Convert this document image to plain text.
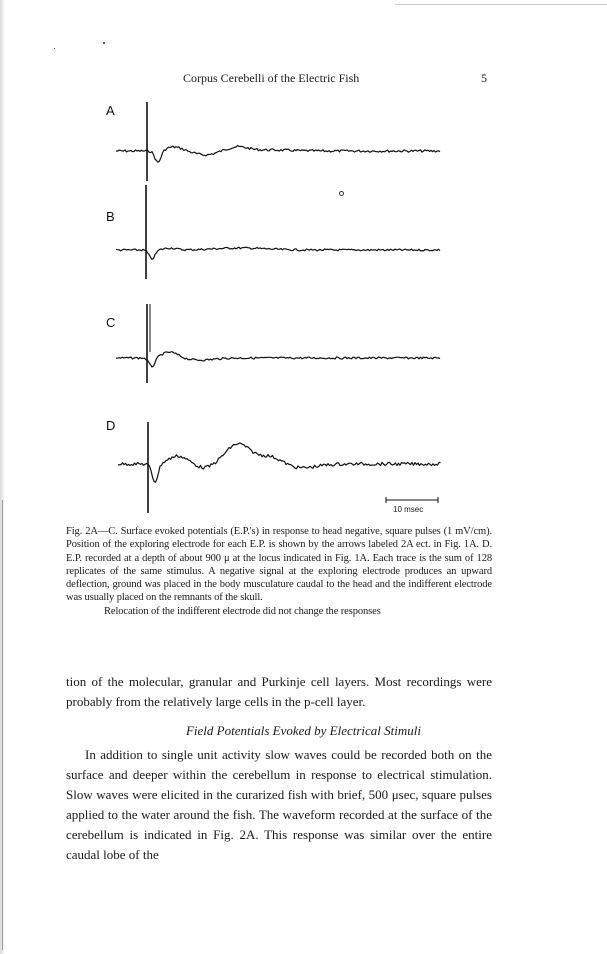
Corpus Cerebelli of the Electric Fish	5
A
B
C
D
10 msec
Fig. 2A—C. Surface evoked potentials (E.P.'s) in response to head negative, square pulses (1 mV/cm). Position of the exploring electrode for each E.P. is shown by the arrows labeled 2A ect. in Fig. 1A. D. E.P. recorded at a depth of about 900 μ at the locus indicated in Fig. 1A. Each trace is the sum of 128 replicates of the same stimulus. A negative signal at the exploring electrode produces an upward deflection, ground was placed in the body musculature caudal to the head and the indifferent electrode was usually placed on the remnants of the skull.
Relocation of the indifferent electrode did not change the responses
tion of the molecular, granular and Purkinje cell layers. Most recordings were probably from the relatively large cells in the p-cell layer.
Field Potentials Evoked by Electrical Stimuli
In addition to single unit activity slow waves could be recorded both on the surface and deeper within the cerebellum in response to electrical stimulation. Slow waves were elicited in the curarized fish with brief, 500 μsec, square pulses applied to the water around the fish. The waveform recorded at the surface of the cerebellum is indicated in Fig. 2A. This response was similar over the entire caudal lobe of the
